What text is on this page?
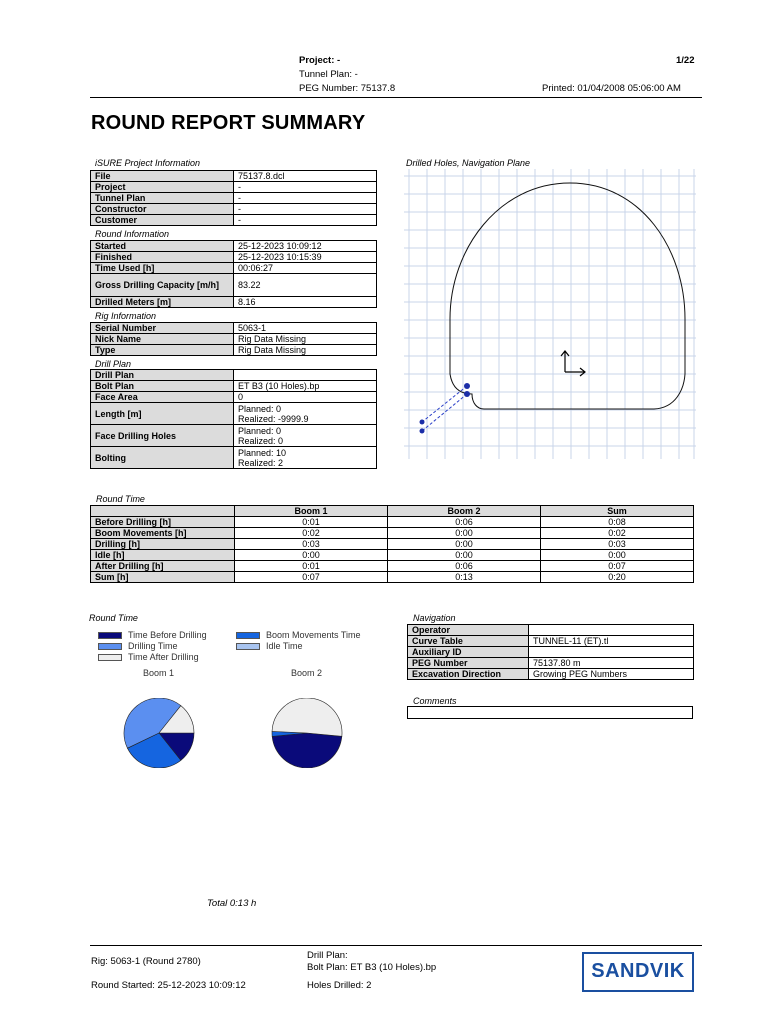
Project: -	1/22
Tunnel Plan: -
PEG Number: 75137.8	Printed: 01/04/2008 05:06:00 AM
ROUND REPORT SUMMARY
iSURE Project Information
File	75137.8.dcl
Project	-
Tunnel Plan	-
Constructor	-
Customer	-
Round Information
Started	25-12-2023 10:09:12
Finished	25-12-2023 10:15:39
Time Used [h]	00:06:27
Gross Drilling Capacity [m/h]	83.22
Drilled Meters [m]	8.16
Rig Information
Serial Number	5063-1
Nick Name	Rig Data Missing
Type	Rig Data Missing
Drill Plan
Drill Plan	
Bolt Plan	ET B3 (10 Holes).bp
Face Area	0
Length [m]	Planned: 0
Realized: -9999.9

Face Drilling Holes	Planned: 0
Realized: 0

Bolting	Planned: 10
Realized: 2
Drilled Holes, Navigation Plane
Round Time
	Boom 1	Boom 2	Sum
Before Drilling [h]	0:01	0:06	0:08
Boom Movements [h]	0:02	0:00	0:02
Drilling [h]	0:03	0:00	0:03
Idle [h]	0:00	0:00	0:00
After Drilling [h]	0:01	0:06	0:07
Sum [h]	0:07	0:13	0:20
Round Time
Time Before Drilling	Boom Movements Time
Drilling Time	Idle Time
Time After Drilling
Boom 1	Boom 2
Total 0:13 h
Navigation
Operator	
Curve Table	TUNNEL-11 (ET).tl
Auxiliary ID	
PEG Number	75137.80 m
Excavation Direction	Growing PEG Numbers
Comments
Rig: 5063-1 (Round 2780)
Round Started: 25-12-2023 10:09:12
Drill Plan:
Bolt Plan: ET B3 (10 Holes).bp
Holes Drilled: 2
SANDVIK
